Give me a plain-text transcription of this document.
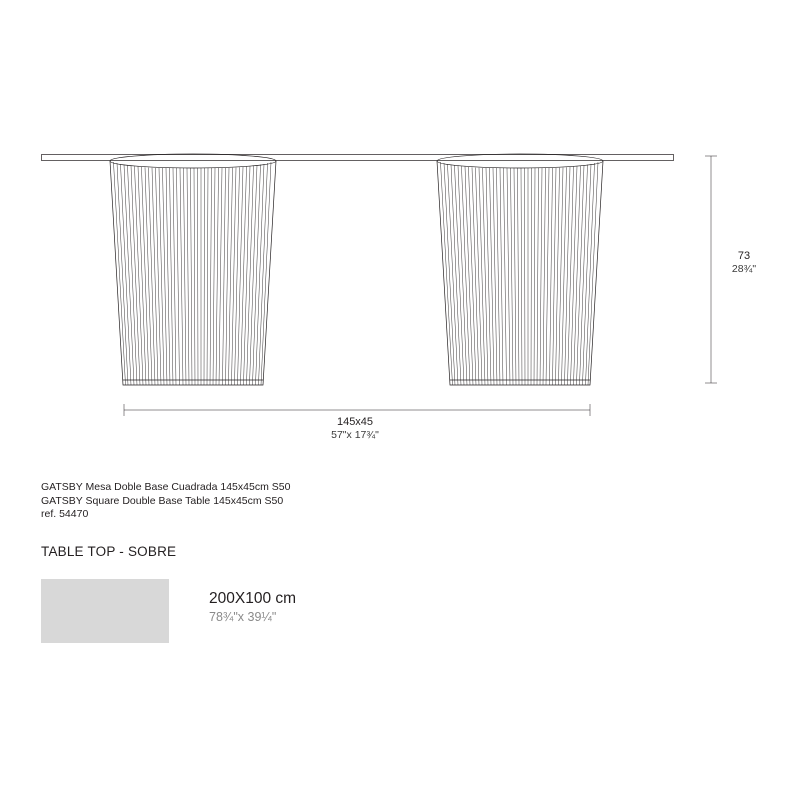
73
28¾"
145x45
57"x 17¾"
GATSBY Mesa Doble Base Cuadrada 145x45cm S50
GATSBY Square Double Base Table 145x45cm S50
ref. 54470
TABLE TOP - SOBRE
200X100 cm
78¾"x 39¼"
